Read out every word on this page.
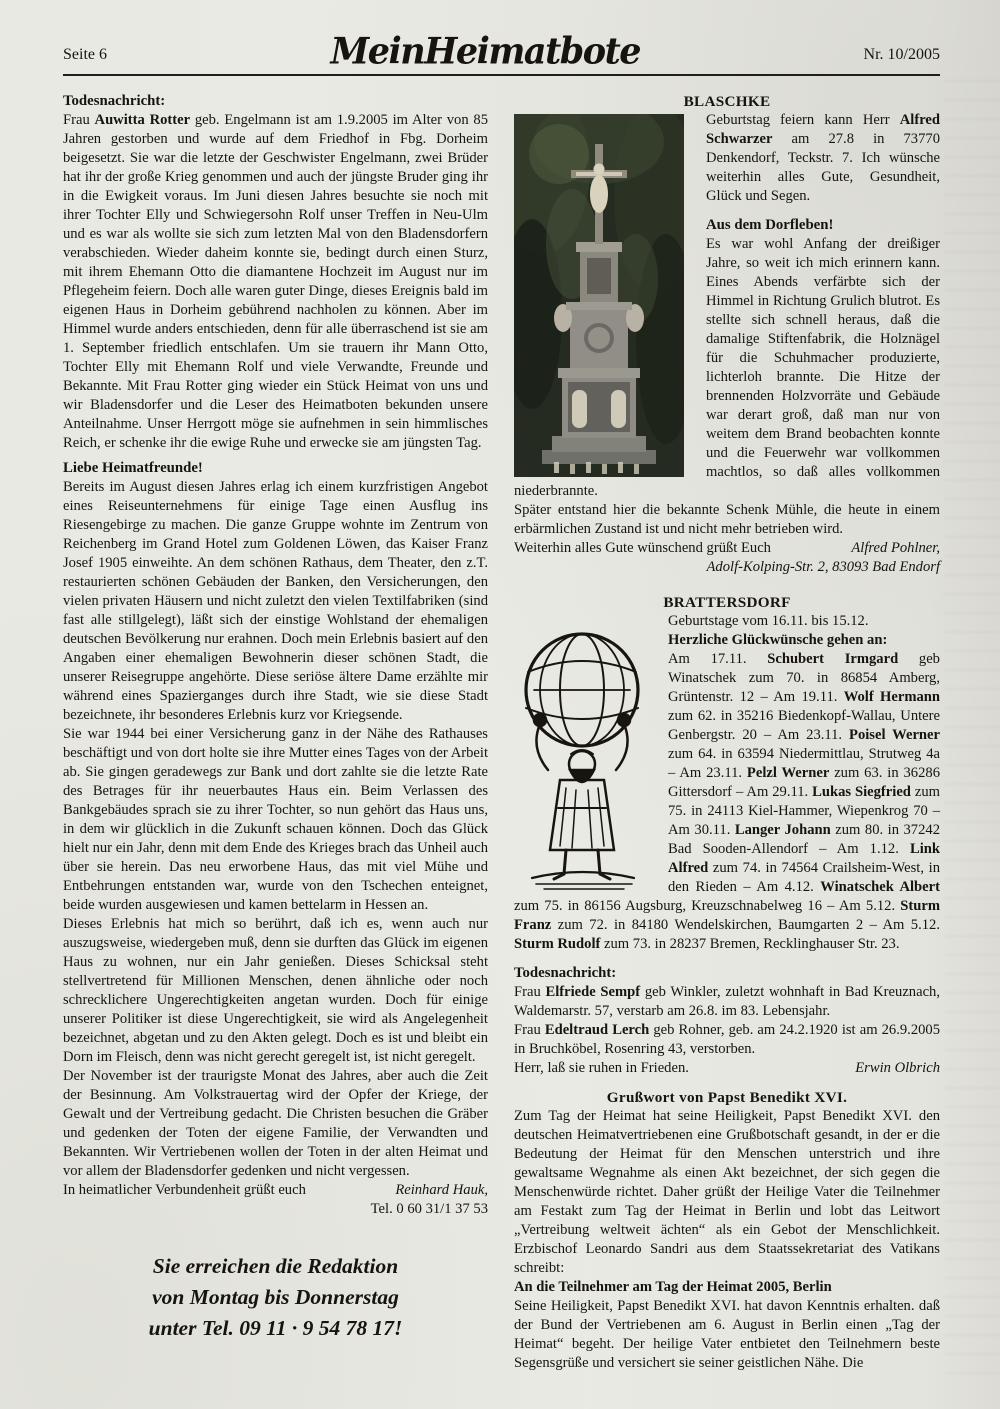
Seite 6	MeinHeimatbote	Nr. 10/2005
Todesnachricht:
Frau Auwitta Rotter geb. Engelmann ist am 1.9.2005 im Alter von 85 Jahren gestorben und wurde auf dem Friedhof in Fbg. Dorheim beigesetzt. Sie war die letzte der Geschwister Engelmann, zwei Brüder hat ihr der große Krieg genommen und auch der jüngste Bruder ging ihr in die Ewigkeit voraus. Im Juni diesen Jahres besuchte sie noch mit ihrer Tochter Elly und Schwiegersohn Rolf unser Treffen in Neu-Ulm und es war als wollte sie sich zum letzten Mal von den Bladensdorfern verabschieden. Wieder daheim konnte sie, bedingt durch einen Sturz, mit ihrem Ehemann Otto die diamantene Hochzeit im August nur im Pflegeheim feiern. Doch alle waren guter Dinge, dieses Ereignis bald im eigenen Haus in Dorheim gebührend nachholen zu können. Aber im Himmel wurde anders entschieden, denn für alle überraschend ist sie am 1. September friedlich entschlafen. Um sie trauern ihr Mann Otto, Tochter Elly mit Ehemann Rolf und viele Verwandte, Freunde und Bekannte. Mit Frau Rotter ging wieder ein Stück Heimat von uns und wir Bladensdorfer und die Leser des Heimatboten bekunden unsere Anteilnahme. Unser Herrgott möge sie aufnehmen in sein himmlisches Reich, er schenke ihr die ewige Ruhe und erwecke sie am jüngsten Tag.
Liebe Heimatfreunde!
Bereits im August diesen Jahres erlag ich einem kurzfristigen Angebot eines Reiseunternehmens für einige Tage einen Ausflug ins Riesengebirge zu machen. Die ganze Gruppe wohnte im Zentrum von Reichenberg im Grand Hotel zum Goldenen Löwen, das Kaiser Franz Josef 1905 einweihte. An dem schönen Rathaus, dem Theater, den z.T. restaurierten schönen Gebäuden der Banken, den Versicherungen, den vielen privaten Häusern und nicht zuletzt den vielen Textilfabriken (sind fast alle stillgelegt), läßt sich der einstige Wohlstand der ehemaligen deutschen Bevölkerung nur erahnen. Doch mein Erlebnis basiert auf den Angaben einer ehemaligen Bewohnerin dieser schönen Stadt, die unserer Reisegruppe angehörte. Diese seriöse ältere Dame erzählte mir während eines Spazierganges durch ihre Stadt, wie sie diese Stadt bezeichnete, ihr besonderes Erlebnis kurz vor Kriegsende.
Sie war 1944 bei einer Versicherung ganz in der Nähe des Rathauses beschäftigt und von dort holte sie ihre Mutter eines Tages von der Arbeit ab. Sie gingen geradewegs zur Bank und dort zahlte sie die letzte Rate des Betrages für ihr neuerbautes Haus ein. Beim Verlassen des Bankgebäudes sprach sie zu ihrer Tochter, so nun gehört das Haus uns, in dem wir glücklich in die Zukunft schauen können. Doch das Glück hielt nur ein Jahr, denn mit dem Ende des Krieges brach das Unheil auch über sie herein. Das neu erworbene Haus, das mit viel Mühe und Entbehrungen entstanden war, wurde von den Tschechen enteignet, beide wurden ausgewiesen und kamen bettelarm in Hessen an.
Dieses Erlebnis hat mich so berührt, daß ich es, wenn auch nur auszugsweise, wiedergeben muß, denn sie durften das Glück im eigenen Haus zu wohnen, nur ein Jahr genießen. Dieses Schicksal steht stellvertretend für Millionen Menschen, denen ähnliche oder noch schrecklichere Ungerechtigkeiten angetan wurden. Doch für einige unserer Politiker ist diese Ungerechtigkeit, sie wird als Angelegenheit bezeichnet, abgetan und zu den Akten gelegt. Doch es ist und bleibt ein Dorn im Fleisch, denn was nicht gerecht geregelt ist, ist nicht geregelt.
Der November ist der traurigste Monat des Jahres, aber auch die Zeit der Besinnung. Am Volkstrauertag wird der Opfer der Kriege, der Gewalt und der Vertreibung gedacht. Die Christen besuchen die Gräber und gedenken der Toten der eigene Familie, der Verwandten und Bekannten. Wir Vertriebenen wollen der Toten in der alten Heimat und vor allem der Bladensdorfer gedenken und nicht vergessen.
In heimatlicher Verbundenheit grüßt euch	Reinhard Hauk,
Tel. 0 60 31/1 37 53
Sie erreichen die Redaktion
von Montag bis Donnerstag
unter Tel. 09 11 · 9 54 78 17!
BLASCHKE
Geburtstag feiern kann Herr Alfred Schwarzer am 27.8 in 73770 Denkendorf, Teckstr. 7. Ich wünsche weiterhin alles Gute, Gesundheit, Glück und Segen.
Aus dem Dorfleben!
Es war wohl Anfang der dreißiger Jahre, so weit ich mich erinnern kann. Eines Abends verfärbte sich der Himmel in Richtung Grulich blutrot. Es stellte sich schnell heraus, daß die damalige Stiftenfabrik, die Holznägel für die Schuhmacher produzierte, lichterloh brannte. Die Hitze der brennenden Holzvorräte und Gebäude war derart groß, daß man nur von weitem dem Brand beobachten konnte und die Feuerwehr war vollkommen machtlos, so daß alles vollkommen niederbrannte.
Später entstand hier die bekannte Schenk Mühle, die heute in einem erbärmlichen Zustand ist und nicht mehr betrieben wird.
Weiterhin alles Gute wünschend grüßt Euch	Alfred Pohlner,
Adolf-Kolping-Str. 2, 83093 Bad Endorf
BRATTERSDORF
Geburtstage vom 16.11. bis 15.12.
Herzliche Glückwünsche gehen an:
Am 17.11. Schubert Irmgard geb Winatschek zum 70. in 86854 Amberg, Grüntenstr. 12 – Am 19.11. Wolf Hermann zum 62. in 35216 Biedenkopf-Wallau, Untere Genbergstr. 20 – Am 23.11. Poisel Werner zum 64. in 63594 Niedermittlau, Strutweg 4a – Am 23.11. Pelzl Werner zum 63. in 36286 Gittersdorf – Am 29.11. Lukas Siegfried zum 75. in 24113 Kiel-Hammer, Wiepenkrog 70 – Am 30.11. Langer Johann zum 80. in 37242 Bad Sooden-Allendorf – Am 1.12. Link Alfred zum 74. in 74564 Crailsheim-West, in den Rieden – Am 4.12. Winatschek Albert zum 75. in 86156 Augsburg, Kreuzschnabelweg 16 – Am 5.12. Sturm Franz zum 72. in 84180 Wendelskirchen, Baumgarten 2 – Am 5.12. Sturm Rudolf zum 73. in 28237 Bremen, Recklinghauser Str. 23.
Todesnachricht:
Frau Elfriede Sempf geb Winkler, zuletzt wohnhaft in Bad Kreuznach, Waldemarstr. 57, verstarb am 26.8. im 83. Lebensjahr.
Frau Edeltraud Lerch geb Rohner, geb. am 24.2.1920 ist am 26.9.2005 in Bruchköbel, Rosenring 43, verstorben.
Herr, laß sie ruhen in Frieden.	Erwin Olbrich
Grußwort von Papst Benedikt XVI.
Zum Tag der Heimat hat seine Heiligkeit, Papst Benedikt XVI. den deutschen Heimatvertriebenen eine Grußbotschaft gesandt, in der er die Bedeutung der Heimat für den Menschen unterstrich und ihre gewaltsame Wegnahme als einen Akt bezeichnet, der sich gegen die Menschenwürde richtet. Daher grüßt der Heilige Vater die Teilnehmer am Festakt zum Tag der Heimat in Berlin und lobt das Leitwort „Vertreibung weltweit ächten“ als ein Gebot der Menschlichkeit. Erzbischof Leonardo Sandri aus dem Staatssekretariat des Vatikans schreibt:
An die Teilnehmer am Tag der Heimat 2005, Berlin
Seine Heiligkeit, Papst Benedikt XVI. hat davon Kenntnis erhalten. daß der Bund der Vertriebenen am 6. August in Berlin einen „Tag der Heimat“ begeht. Der heilige Vater entbietet den Teilnehmern beste Segensgrüße und versichert sie seiner geistlichen Nähe. Die
